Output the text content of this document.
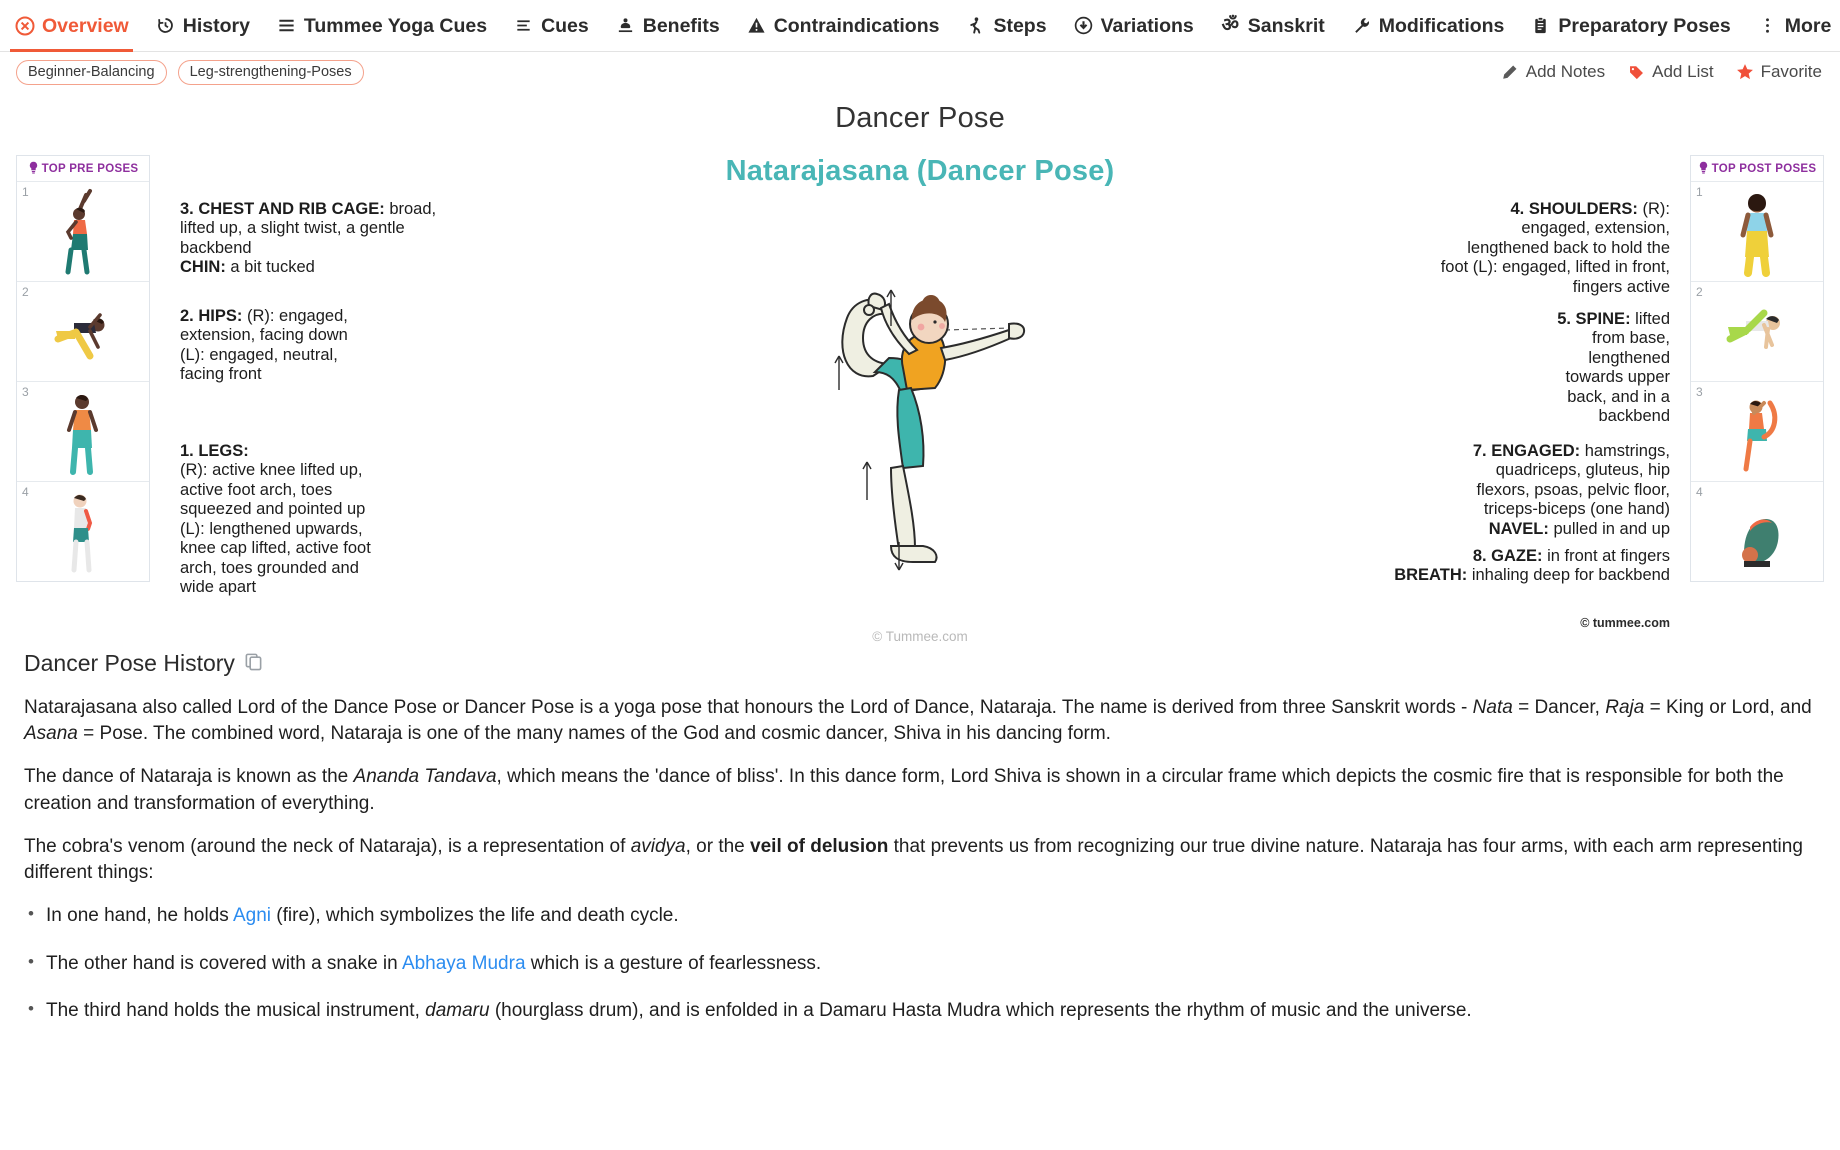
Overview	History	Tummee Yoga Cues	Cues	Benefits	Contraindications	Steps	Variations ॐ Sanskrit	Modifications	Preparatory Poses	More
Beginner-Balancing	Leg-strengthening-Poses	Add Notes	Add List	Favorite
Dancer Pose
TOP PRE POSES
1
2
3
4
Natarajasana (Dancer Pose)
3. CHEST AND RIB CAGE: broad, lifted up, a slight twist, a gentle backbend
CHIN: a bit tucked
2. HIPS: (R): engaged, extension, facing down (L): engaged, neutral, facing front
1. LEGS:
(R): active knee lifted up, active foot arch, toes squeezed and pointed up (L): lengthened upwards, knee cap lifted, active foot arch, toes grounded and wide apart
4. SHOULDERS: (R): engaged, extension, lengthened back to hold the foot (L): engaged, lifted in front, fingers active
5. SPINE: lifted from base, lengthened towards upper back, and in a backbend
7. ENGAGED: hamstrings, quadriceps, gluteus, hip flexors, psoas, pelvic floor, triceps-biceps (one hand) NAVEL: pulled in and up
8. GAZE: in front at fingers
BREATH: inhaling deep for backbend
© Tummee.com
© tummee.com
TOP POST POSES
1
2
3
4
Dancer Pose History

Natarajasana also called Lord of the Dance Pose or Dancer Pose is a yoga pose that honours the Lord of Dance, Nataraja. The name is derived from three Sanskrit words - Nata = Dancer, Raja = King or Lord, and Asana = Pose. The combined word, Nataraja is one of the many names of the God and cosmic dancer, Shiva in his dancing form.

The dance of Nataraja is known as the Ananda Tandava, which means the 'dance of bliss'. In this dance form, Lord Shiva is shown in a circular frame which depicts the cosmic fire that is responsible for both the creation and transformation of everything.

The cobra's venom (around the neck of Nataraja), is a representation of avidya, or the veil of delusion that prevents us from recognizing our true divine nature. Nataraja has four arms, with each arm representing different things:

• In one hand, he holds Agni (fire), which symbolizes the life and death cycle.
• The other hand is covered with a snake in Abhaya Mudra which is a gesture of fearlessness.
• The third hand holds the musical instrument, damaru (hourglass drum), and is enfolded in a Damaru Hasta Mudra which represents the rhythm of music and the universe.
